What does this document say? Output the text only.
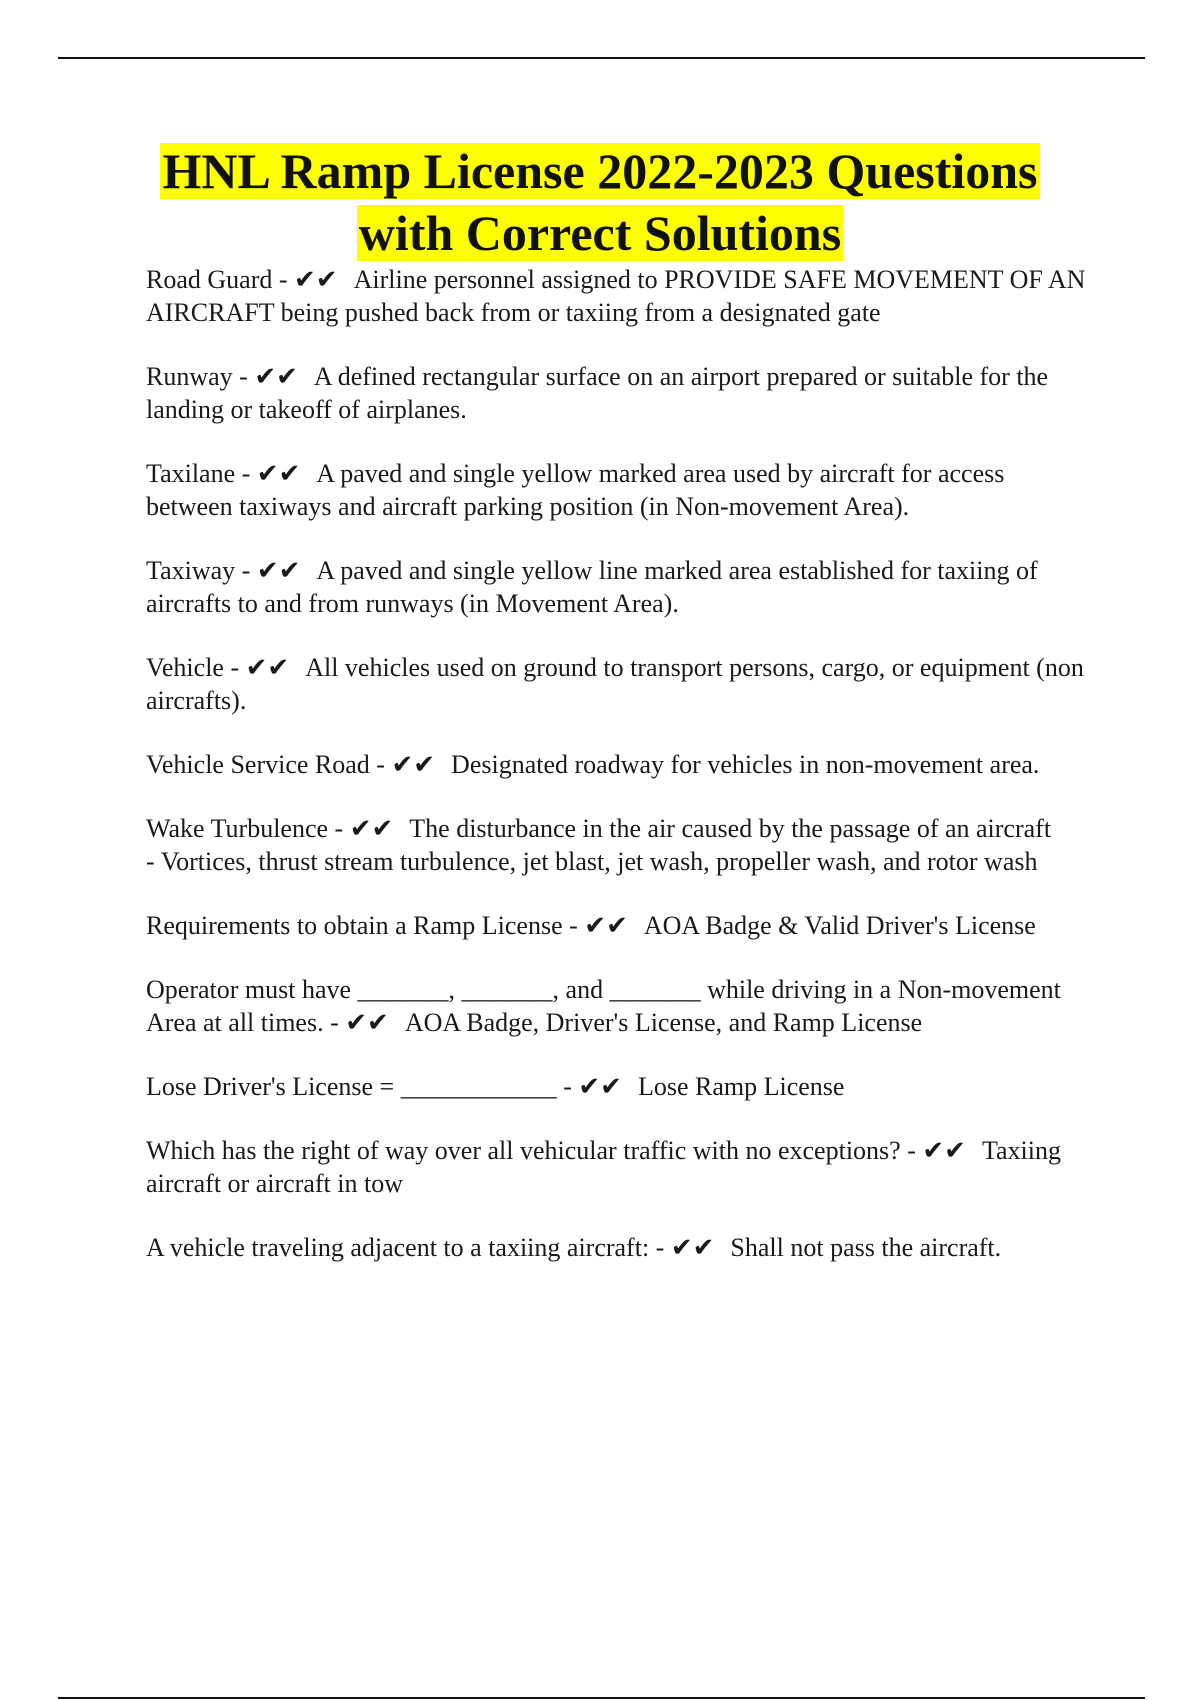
HNL Ramp License 2022-2023 Questions
with Correct Solutions

Road Guard - ✔✔ Airline personnel assigned to PROVIDE SAFE MOVEMENT OF AN AIRCRAFT being pushed back from or taxiing from a designated gate

Runway - ✔✔ A defined rectangular surface on an airport prepared or suitable for the landing or takeoff of airplanes.

Taxilane - ✔✔ A paved and single yellow marked area used by aircraft for access between taxiways and aircraft parking position (in Non-movement Area).

Taxiway - ✔✔ A paved and single yellow line marked area established for taxiing of aircrafts to and from runways (in Movement Area).

Vehicle - ✔✔ All vehicles used on ground to transport persons, cargo, or equipment (non aircrafts).

Vehicle Service Road - ✔✔ Designated roadway for vehicles in non-movement area.

Wake Turbulence - ✔✔ The disturbance in the air caused by the passage of an aircraft
- Vortices, thrust stream turbulence, jet blast, jet wash, propeller wash, and rotor wash

Requirements to obtain a Ramp License - ✔✔ AOA Badge & Valid Driver's License

Operator must have _______, _______, and _______ while driving in a Non-movement Area at all times. - ✔✔ AOA Badge, Driver's License, and Ramp License

Lose Driver's License = ____________ - ✔✔ Lose Ramp License

Which has the right of way over all vehicular traffic with no exceptions? - ✔✔ Taxiing aircraft or aircraft in tow

A vehicle traveling adjacent to a taxiing aircraft: - ✔✔ Shall not pass the aircraft.
